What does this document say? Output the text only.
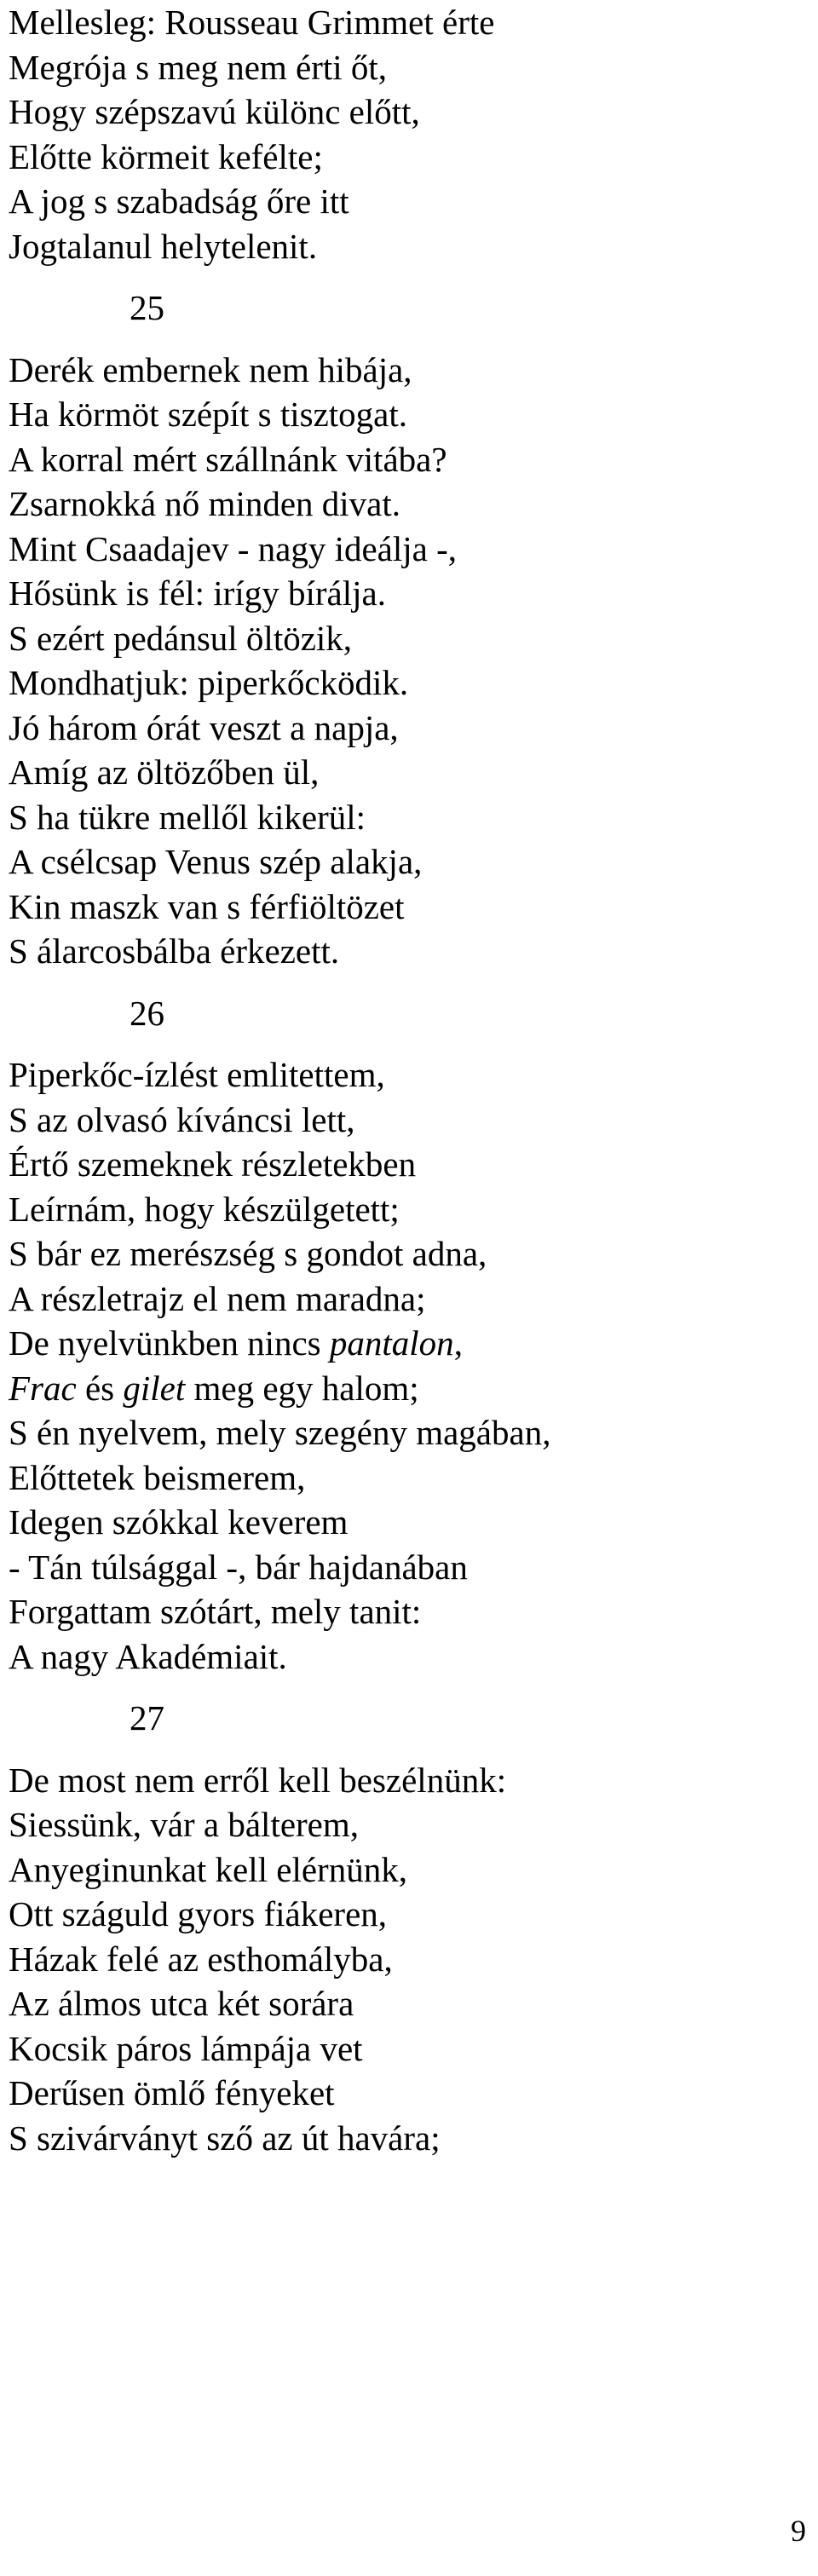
Mellesleg: Rousseau Grimmet érte
Megrója s meg nem érti őt,
Hogy szépszavú különc előtt,
Előtte körmeit kefélte;
A jog s szabadság őre itt
Jogtalanul helytelenit.
25
Derék embernek nem hibája,
Ha körmöt szépít s tisztogat.
A korral mért szállnánk vitába?
Zsarnokká nő minden divat.
Mint Csaadajev - nagy ideálja -,
Hősünk is fél: irígy bírálja.
S ezért pedánsul öltözik,
Mondhatjuk: piperkőcködik.
Jó három órát veszt a napja,
Amíg az öltözőben ül,
S ha tükre mellől kikerül:
A csélcsap Venus szép alakja,
Kin maszk van s férfiöltözet
S álarcosbálba érkezett.
26
Piperkőc-ízlést emlitettem,
S az olvasó kíváncsi lett,
Értő szemeknek részletekben
Leírnám, hogy készülgetett;
S bár ez merészség s gondot adna,
A részletrajz el nem maradna;
De nyelvünkben nincs pantalon,
Frac és gilet meg egy halom;
S én nyelvem, mely szegény magában,
Előttetek beismerem,
Idegen szókkal keverem
- Tán túlsággal -, bár hajdanában
Forgattam szótárt, mely tanit:
A nagy Akadémiait.
27
De most nem erről kell beszélnünk:
Siessünk, vár a bálterem,
Anyeginunkat kell elérnünk,
Ott száguld gyors fiákeren,
Házak felé az esthomályba,
Az álmos utca két sorára
Kocsik páros lámpája vet
Derűsen ömlő fényeket
S szivárványt sző az út havára;
9
